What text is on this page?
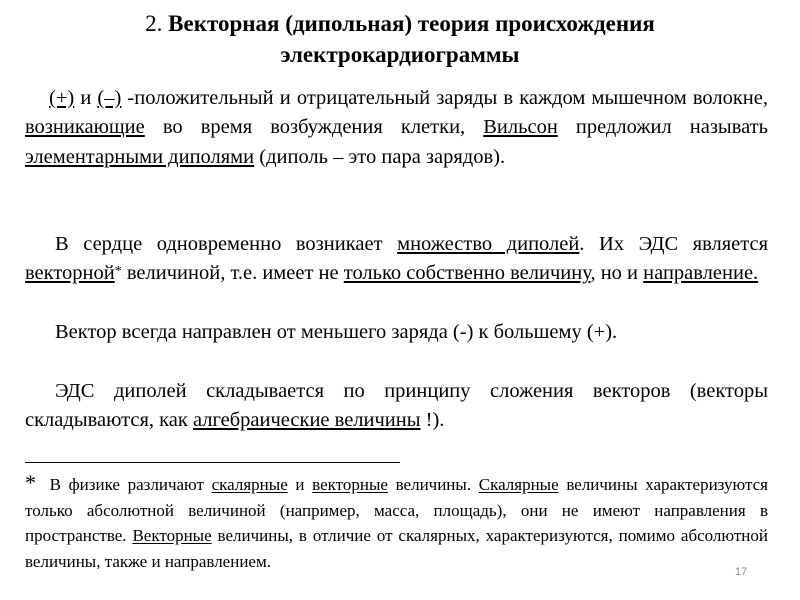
2. Векторная (дипольная) теория происхождения
электрокардиограммы

(+) и (–) -положительный и отрицательный заряды в каждом мышечном волокне, возникающие во время возбуждения клетки, Вильсон предложил называть элементарными диполями (диполь – это пара зарядов).

В сердце одновременно возникает множество диполей. Их ЭДС является векторной* величиной, т.е. имеет не только собственно величину, но и направление.

Вектор всегда направлен от меньшего заряда (-) к большему (+).

ЭДС диполей складывается по принципу сложения векторов (векторы складываются, как алгебраические величины !).

* В физике различают скалярные и векторные величины. Скалярные величины характеризуются только абсолютной величиной (например, масса, площадь), они не имеют направления в пространстве. Векторные величины, в отличие от скалярных, характеризуются, помимо абсолютной величины, также и направлением.

17
